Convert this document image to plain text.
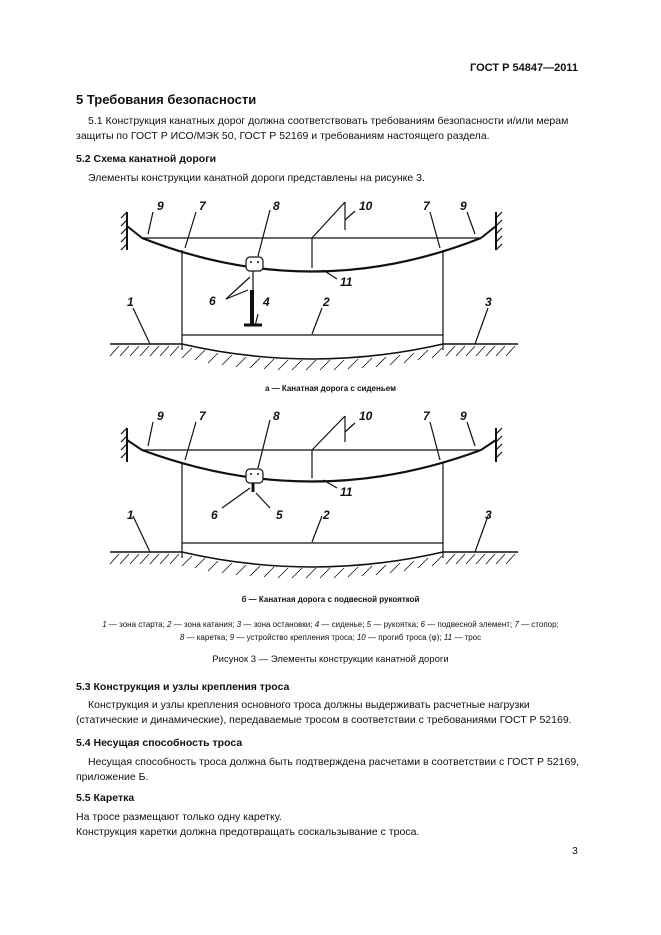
ГОСТ Р 54847—2011
5 Требования безопасности
5.1 Конструкция канатных дорог должна соответствовать требованиям безопасности и/или мерам защиты по ГОСТ Р ИСО/МЭК 50, ГОСТ Р 52169 и требованиям настоящего раздела.
5.2 Схема канатной дороги
Элементы конструкции канатной дороги представлены на рисунке 3.
9	7	8	10	7	9
11
6	4
1	2	3
а — Канатная дорога с сиденьем
9	7	8	10	7	9
11
6	5
1	2	3
б — Канатная дорога с подвесной рукояткой
1 — зона старта; 2 — зона катания; 3 — зона остановки; 4 — сиденье; 5 — рукоятка; 6 — подвесной элемент; 7 — стопор;
8 — каретка; 9 — устройство крепления троса; 10 — прогиб троса (φ); 11 — трос
Рисунок 3 — Элементы конструкции канатной дороги
5.3 Конструкция и узлы крепления троса
Конструкция и узлы крепления основного троса должны выдерживать расчетные нагрузки (статические и динамические), передаваемые тросом в соответствии с требованиями ГОСТ Р 52169.
5.4 Несущая способность троса
Несущая способность троса должна быть подтверждена расчетами в соответствии с ГОСТ Р 52169, приложение Б.
5.5 Каретка
На тросе размещают только одну каретку.
Конструкция каретки должна предотвращать соскальзывание с троса.
3
